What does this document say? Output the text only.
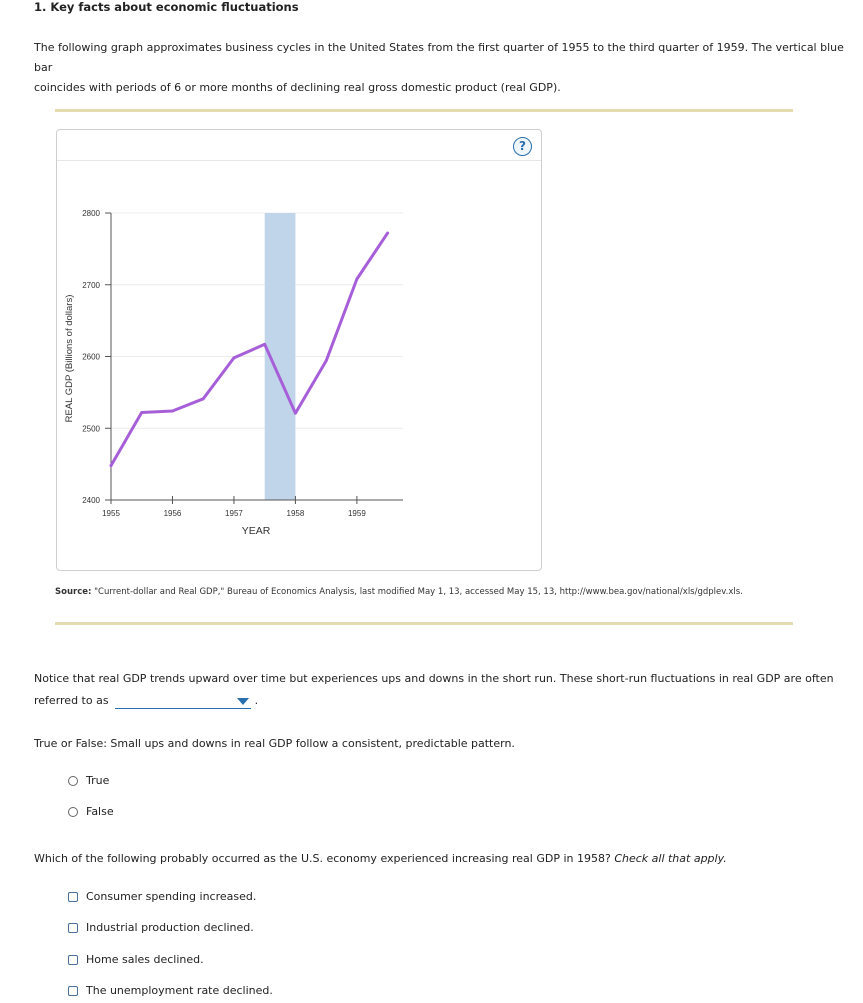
1. Key facts about economic fluctuations
The following graph approximates business cycles in the United States from the first quarter of 1955 to the third quarter of 1959. The vertical blue bar
coincides with periods of 6 or more months of declining real gross domestic product (real GDP).
?
2400
2500
2600
2700
2800
1955	1956	1957	1958	1959
YEAR
REAL GDP (Billions of dollars)
Source: "Current-dollar and Real GDP," Bureau of Economics Analysis, last modified May 1, 13, accessed May 15, 13, http://www.bea.gov/national/xls/gdplev.xls.
Notice that real GDP trends upward over time but experiences ups and downs in the short run. These short-run fluctuations in real GDP are often
referred to as	.
True or False: Small ups and downs in real GDP follow a consistent, predictable pattern.
True
False
Which of the following probably occurred as the U.S. economy experienced increasing real GDP in 1958? Check all that apply.
Consumer spending increased.
Industrial production declined.
Home sales declined.
The unemployment rate declined.
